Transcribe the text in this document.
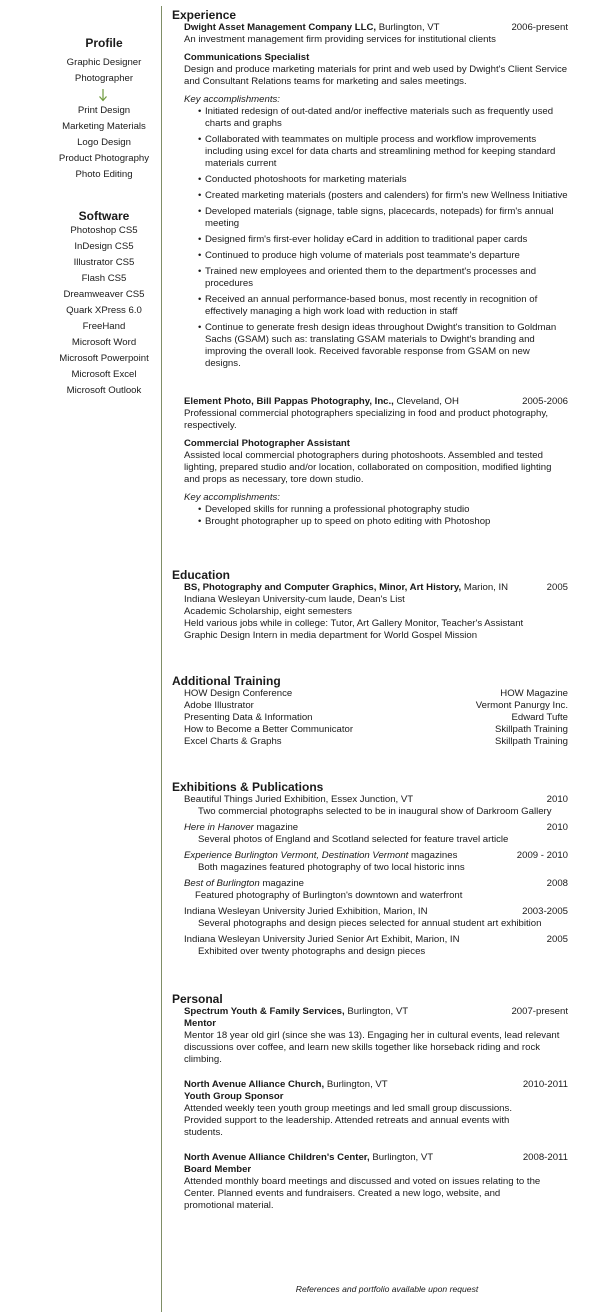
Profile
Graphic Designer
Photographer
Print Design
Marketing Materials
Logo Design
Product Photography
Photo Editing
Software
Photoshop CS5
InDesign CS5
Illustrator CS5
Flash CS5
Dreamweaver CS5
Quark XPress 6.0
FreeHand
Microsoft Word
Microsoft Powerpoint
Microsoft Excel
Microsoft Outlook
Experience
Dwight Asset Management Company LLC, Burlington, VT	2006-present
An investment management firm providing services for institutional clients
Communications Specialist
Design and produce marketing materials for print and web used by Dwight's Client Service and Consultant Relations teams for marketing and sales meetings.
Key accomplishments:
• Initiated redesign of out-dated and/or ineffective materials such as frequently used charts and graphs
• Collaborated with teammates on multiple process and workflow improvements including using excel for data charts and streamlining method for keeping standard materials current
• Conducted photoshoots for marketing materials
• Created marketing materials (posters and calenders) for firm's new Wellness Initiative
• Developed materials (signage, table signs, placecards, notepads) for firm's annual meeting
• Designed firm's first-ever holiday eCard in addition to traditional paper cards
• Continued to produce high volume of materials post teammate's departure
• Trained new employees and oriented them to the department's processes and procedures
• Received an annual performance-based bonus, most recently in recognition of effectively managing a high work load with reduction in staff
• Continue to generate fresh design ideas throughout Dwight's transition to Goldman Sachs (GSAM) such as: translating GSAM materials to Dwight's branding and improving the overall look. Received favorable response from GSAM on new designs.
Element Photo, Bill Pappas Photography, Inc., Cleveland, OH	2005-2006
Professional commercial photographers specializing in food and product photography, respectively.
Commercial Photographer Assistant
Assisted local commercial photographers during photoshoots. Assembled and tested lighting, prepared studio and/or location, collaborated on composition, modified lighting and props as necessary, tore down studio.
Key accomplishments:
• Developed skills for running a professional photography studio
• Brought photographer up to speed on photo editing with Photoshop
Education
BS, Photography and Computer Graphics, Minor, Art History, Marion, IN	2005
Indiana Wesleyan University-cum laude, Dean's List
Academic Scholarship, eight semesters
Held various jobs while in college: Tutor, Art Gallery Monitor, Teacher's Assistant
Graphic Design Intern in media department for World Gospel Mission
Additional Training
HOW Design Conference	HOW Magazine
Adobe Illustrator	Vermont Panurgy Inc.
Presenting Data & Information	Edward Tufte
How to Become a Better Communicator	Skillpath Training
Excel Charts & Graphs	Skillpath Training
Exhibitions & Publications
Beautiful Things Juried Exhibition, Essex Junction, VT	2010
Two commercial photographs selected to be in inaugural show of Darkroom Gallery
Here in Hanover magazine	2010
Several photos of England and Scotland selected for feature travel article
Experience Burlington Vermont, Destination Vermont magazines	2009 - 2010
Both magazines featured photography of two local historic inns
Best of Burlington magazine	2008
Featured photography of Burlington's downtown and waterfront
Indiana Wesleyan University Juried Exhibition, Marion, IN	2003-2005
Several photographs and design pieces selected for annual student art exhibition
Indiana Wesleyan University Juried Senior Art Exhibit, Marion, IN	2005
Exhibited over twenty photographs and design pieces
Personal
Spectrum Youth & Family Services, Burlington, VT	2007-present
Mentor
Mentor 18 year old girl (since she was 13). Engaging her in cultural events, lead relevant discussions over coffee, and learn new skills together like horseback riding and rock climbing.
North Avenue Alliance Church, Burlington, VT	2010-2011
Youth Group Sponsor
Attended weekly teen youth group meetings and led small group discussions. Provided support to the leadership. Attended retreats and annual events with students.
North Avenue Alliance Children's Center, Burlington, VT	2008-2011
Board Member
Attended monthly board meetings and discussed and voted on issues relating to the Center. Planned events and fundraisers. Created a new logo, website, and promotional material.
References and portfolio available upon request
